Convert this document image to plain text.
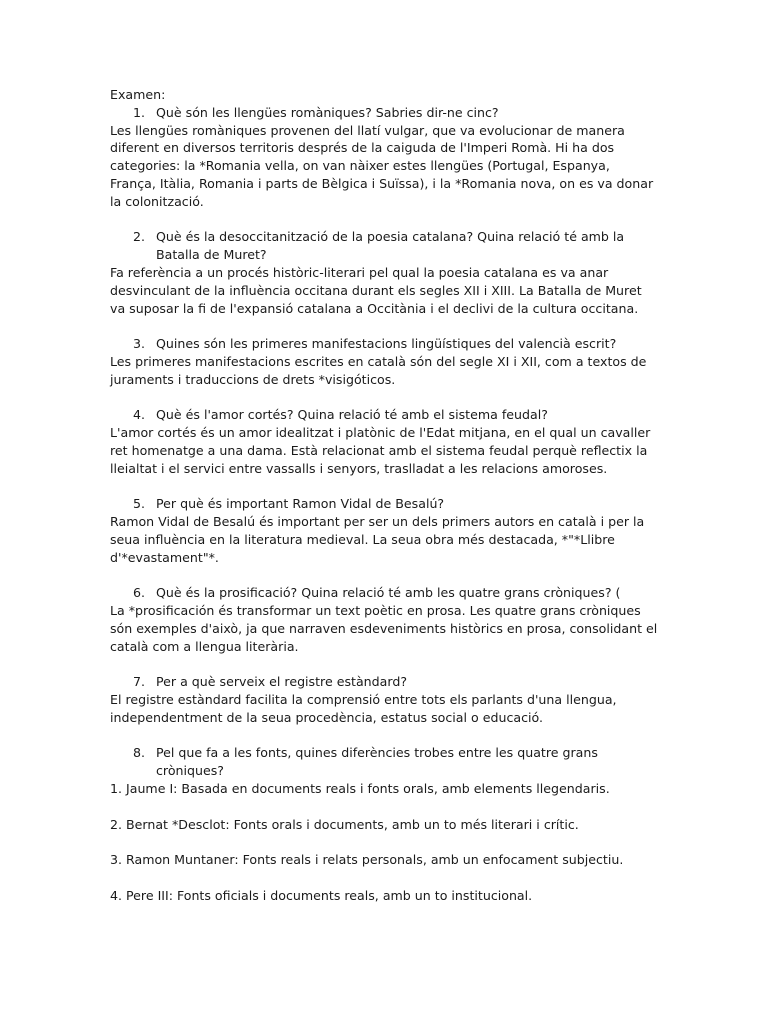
Examen:

1. Què són les llengües romàniques? Sabries dir-ne cinc?

Les llengües romàniques provenen del llatí vulgar, que va evolucionar de manera diferent en diversos territoris després de la caiguda de l'Imperi Romà. Hi ha dos categories: la *Romania vella, on van nàixer estes llengües (Portugal, Espanya, França, Itàlia, Romania i parts de Bèlgica i Suïssa), i la *Romania nova, on es va donar la colonització.

2. Què és la desoccitanització de la poesia catalana? Quina relació té amb la Batalla de Muret?

Fa referència a un procés històric-literari pel qual la poesia catalana es va anar desvinculant de la influència occitana durant els segles XII i XIII. La Batalla de Muret va suposar la fi de l'expansió catalana a Occitània i el declivi de la cultura occitana.

3. Quines són les primeres manifestacions lingüístiques del valencià escrit?

Les primeres manifestacions escrites en català són del segle XI i XII, com a textos de juraments i traduccions de drets *visigóticos.

4. Què és l'amor cortés? Quina relació té amb el sistema feudal?

L'amor cortés és un amor idealitzat i platònic de l'Edat mitjana, en el qual un cavaller ret homenatge a una dama. Està relacionat amb el sistema feudal perquè reflectix la lleialtat i el servici entre vassalls i senyors, traslladat a les relacions amoroses.

5. Per què és important Ramon Vidal de Besalú?

Ramon Vidal de Besalú és important per ser un dels primers autors en català i per la seua influència en la literatura medieval. La seua obra més destacada, *"*Llibre d'*evastament"*.

6. Què és la prosificació? Quina relació té amb les quatre grans cròniques? (

La *prosificación és transformar un text poètic en prosa. Les quatre grans cròniques són exemples d'això, ja que narraven esdeveniments històrics en prosa, consolidant el català com a llengua literària.

7. Per a què serveix el registre estàndard?

El registre estàndard facilita la comprensió entre tots els parlants d'una llengua, independentment de la seua procedència, estatus social o educació.

8. Pel que fa a les fonts, quines diferències trobes entre les quatre grans cròniques?

1. Jaume I: Basada en documents reals i fonts orals, amb elements llegendaris.

2. Bernat *Desclot: Fonts orals i documents, amb un to més literari i crític.

3. Ramon Muntaner: Fonts reals i relats personals, amb un enfocament subjectiu.

4. Pere III: Fonts oficials i documents reals, amb un to institucional.
